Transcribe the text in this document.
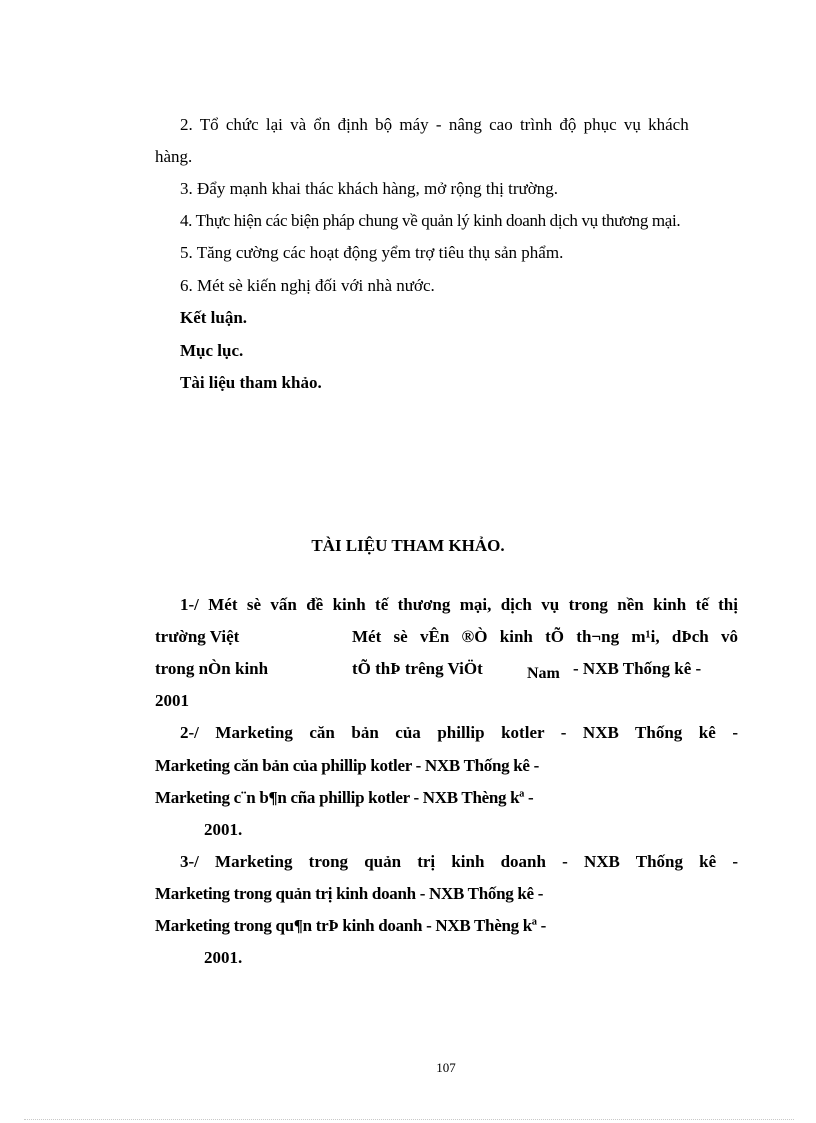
2. Tổ chức lại và ổn định bộ máy - nâng cao trình độ phục vụ khách
hàng.
3. Đẩy mạnh khai thác khách hàng, mở rộng thị trường.
4. Thực hiện các biện pháp chung về quản lý kinh doanh dịch vụ thương mại.
5. Tăng cường các hoạt động yểm trợ tiêu thụ sản phẩm.
6. Mét sè kiến nghị đối với nhà nước.
Kết luận.
Mục lục.
Tài liệu tham khảo.
TÀI LIỆU THAM KHẢO.
1-/ Mét sè vấn đề kinh tế thương mại, dịch vụ trong nền kinh tế thị
trường Việt	Mét sè vÊn ®Ò kinh tÕ th¬ng m¹i, dÞch vô
trong nÒn kinh	tÕ thÞ trêng ViÖt	Nam - NXB Thống kê -
2001
2-/ Marketing căn bản của phillip kotler - NXB Thống kê -
Marketing căn bản của phillip kotler - NXB Thống kê -
Marketing c¨n b¶n cña phillip kotler - NXB Thèng kª -
2001.
3-/ Marketing trong quản trị kinh doanh - NXB Thống kê -
Marketing trong quản trị kinh doanh - NXB Thống kê -
Marketing trong qu¶n trÞ kinh doanh - NXB Thèng kª -
2001.
107
